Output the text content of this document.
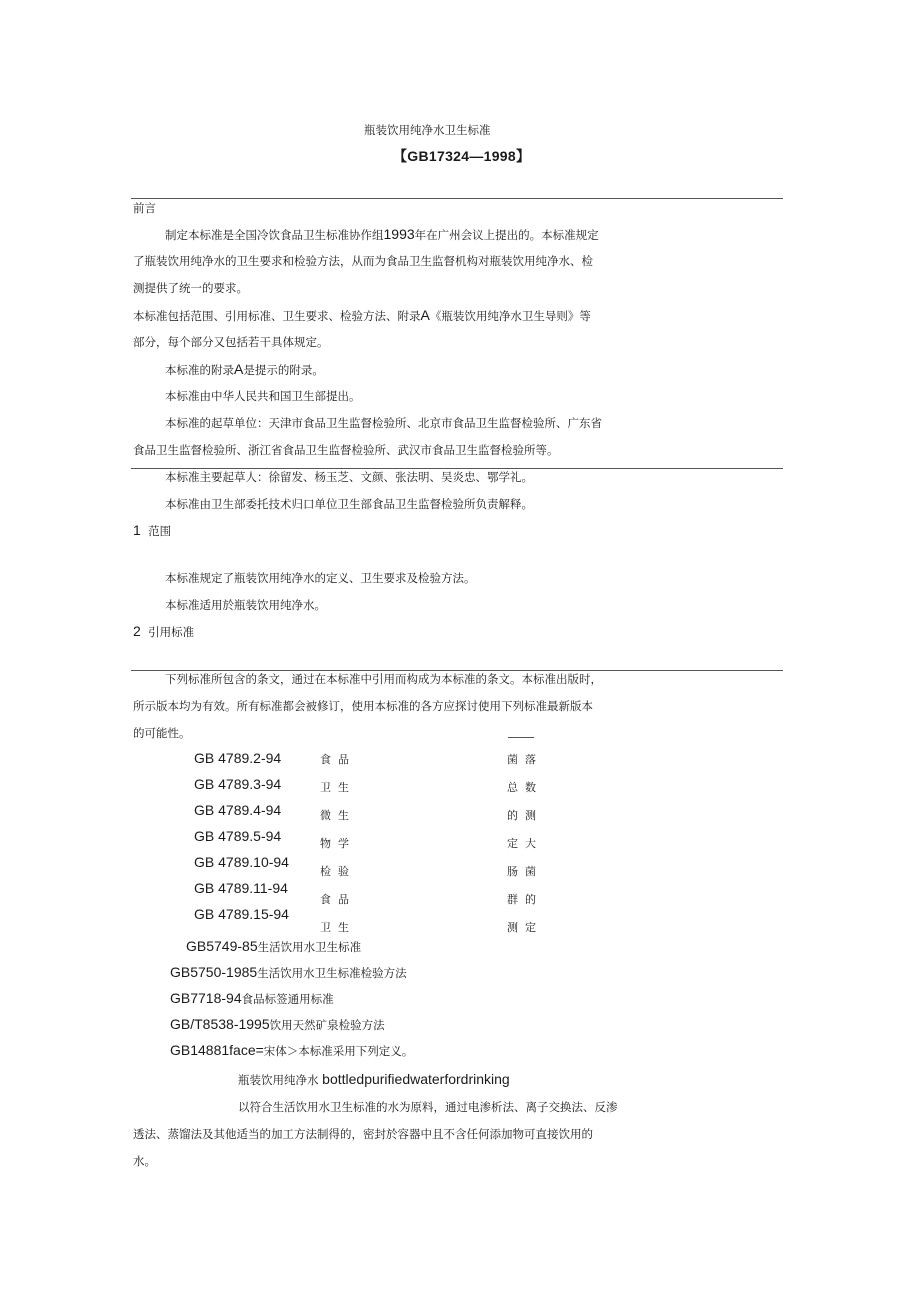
瓶装饮用纯净水卫生标准
【GB17324—1998】
前言
制定本标准是全国冷饮食品卫生标准协作组1993年在广州会议上提出的。本标准规定
了瓶装饮用纯净水的卫生要求和检验方法，从而为食品卫生监督机构对瓶装饮用纯净水、检
测提供了统一的要求。
本标准包括范围、引用标准、卫生要求、检验方法、附录A《瓶装饮用纯净水卫生导则》等
部分，每个部分又包括若干具体规定。
本标准的附录A是提示的附录。
本标准由中华人民共和国卫生部提出。
本标准的起草单位：天津市食品卫生监督检验所、北京市食品卫生监督检验所、广东省
食品卫生监督检验所、浙江省食品卫生监督检验所、武汉市食品卫生监督检验所等。
本标准主要起草人：徐留发、杨玉芝、文颜、张法明、吴炎忠、鄂学礼。
本标准由卫生部委托技术归口单位卫生部食品卫生监督检验所负责解释。
1 范围
本标准规定了瓶装饮用纯净水的定义、卫生要求及检验方法。
本标准适用於瓶装饮用纯净水。
2 引用标准
下列标准所包含的条文，通过在本标准中引用而构成为本标准的条文。本标准出版时，
所示版本均为有效。所有标准都会被修订，使用本标准的各方应探讨使用下列标准最新版本
的可能性。
GB 4789.2-94
GB 4789.3-94
GB 4789.4-94
GB 4789.5-94
GB 4789.10-94
GB 4789.11-94
GB 4789.15-94
食品
卫生
微生
物学
检验
食品
卫生
菌落
总数
的测
定大
肠菌
群的
测定
GB5749-85生活饮用水卫生标准
GB5750-1985生活饮用水卫生标准检验方法
GB7718-94食品标签通用标准
GB/T8538-1995饮用天然矿泉检验方法
GB14881face=宋体＞本标准采用下列定义。
瓶装饮用纯净水 bottledpurifiedwaterfordrinking
以符合生活饮用水卫生标准的水为原料，通过电渗析法、离子交换法、反渗
透法、蒸馏法及其他适当的加工方法制得的，密封於容器中且不含任何添加物可直接饮用的
水。
